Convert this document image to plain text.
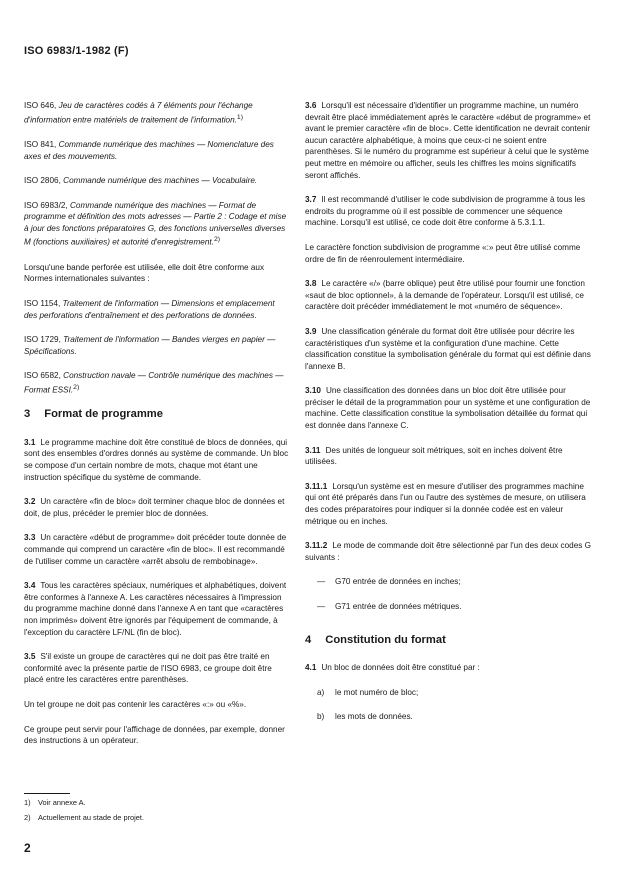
ISO 6983/1-1982 (F)

ISO 646, Jeu de caractères codés à 7 éléments pour l'échange d'information entre matériels de traitement de l'information.$^{1)}$

ISO 841, Commande numérique des machines — Nomenclature des axes et des mouvements.

ISO 2806, Commande numérique des machines — Vocabulaire.

ISO 6983/2, Commande numérique des machines — Format de programme et définition des mots adresses — Partie 2 : Codage et mise à jour des fonctions préparatoires G, des fonctions universelles diverses M (fonctions auxiliaires) et autorité d'enregistrement.$^{2)}$

Lorsqu'une bande perforée est utilisée, elle doit être conforme aux Normes internationales suivantes :

ISO 1154, Traitement de l'information — Dimensions et emplacement des perforations d'entraînement et des perforations de données.

ISO 1729, Traitement de l'information — Bandes vierges en papier — Spécifications.

ISO 6582, Construction navale — Contrôle numérique des machines — Format ESSI.$^{2)}$

3 Format de programme

3.1 Le programme machine doit être constitué de blocs de données, qui sont des ensembles d'ordres donnés au système de commande. Un bloc se compose d'un certain nombre de mots, chaque mot étant une instruction spécifique du système de commande.

3.2 Un caractère «fin de bloc» doit terminer chaque bloc de données et doit, de plus, précéder le premier bloc de données.

3.3 Un caractère «début de programme» doit précéder toute donnée de commande qui comprend un caractère «fin de bloc». Il est recommandé de l'utiliser comme un caractère «arrêt absolu de rembobinage».

3.4 Tous les caractères spéciaux, numériques et alphabétiques, doivent être conformes à l'annexe A. Les caractères nécessaires à l'impression du programme machine donné dans l'annexe A en tant que «caractères non imprimés» doivent être ignorés par l'équipement de commande, à l'exception du caractère LF/NL (fin de bloc).

3.5 S'il existe un groupe de caractères qui ne doit pas être traité en conformité avec la présente partie de l'ISO 6983, ce groupe doit être placé entre les caractères entre parenthèses.

Un tel groupe ne doit pas contenir les caractères «:» ou «%».

Ce groupe peut servir pour l'affichage de données, par exemple, donner des instructions à un opérateur.

3.6 Lorsqu'il est nécessaire d'identifier un programme machine, un numéro devrait être placé immédiatement après le caractère «début de programme» et avant le premier caractère «fin de bloc». Cette identification ne devrait contenir aucun caractère alphabétique, à moins que ceux-ci ne soient entre parenthèses. Si le numéro du programme est supérieur à celui que le système peut mettre en mémoire ou afficher, seuls les chiffres les moins significatifs seront affichés.

3.7 Il est recommandé d'utiliser le code subdivision de programme à tous les endroits du programme où il est possible de commencer une séquence machine. Lorsqu'il est utilisé, ce code doit être conforme à 5.3.1.1.

Le caractère fonction subdivision de programme «:» peut être utilisé comme ordre de fin de réenroulement intermédiaire.

3.8 Le caractère «/» (barre oblique) peut être utilisé pour fournir une fonction «saut de bloc optionnel», à la demande de l'opérateur. Lorsqu'il est utilisé, ce caractère doit précéder immédiatement le mot «numéro de séquence».

3.9 Une classification générale du format doit être utilisée pour décrire les caractéristiques d'un système et la configuration d'une machine. Cette classification constitue la symbolisation générale du format qui est définie dans l'annexe B.

3.10 Une classification des données dans un bloc doit être utilisée pour préciser le détail de la programmation pour un système et une configuration de machine. Cette classification constitue la symbolisation détaillée du format qui est donnée dans l'annexe C.

3.11 Des unités de longueur soit métriques, soit en inches doivent être utilisées.

3.11.1 Lorsqu'un système est en mesure d'utiliser des programmes machine qui ont été préparés dans l'un ou l'autre des systèmes de mesure, on utilisera des codes préparatoires pour indiquer si la donnée codée est en valeur métrique ou en inches.

3.11.2 Le mode de commande doit être sélectionné par l'un des deux codes G suivants :

— G70 entrée de données en inches;
— G71 entrée de données métriques.
4 Constitution du format

4.1 Un bloc de données doit être constitué par :

a) le mot numéro de bloc;
b) les mots de données.
1) Voir annexe A.
2) Actuellement au stade de projet.
2
